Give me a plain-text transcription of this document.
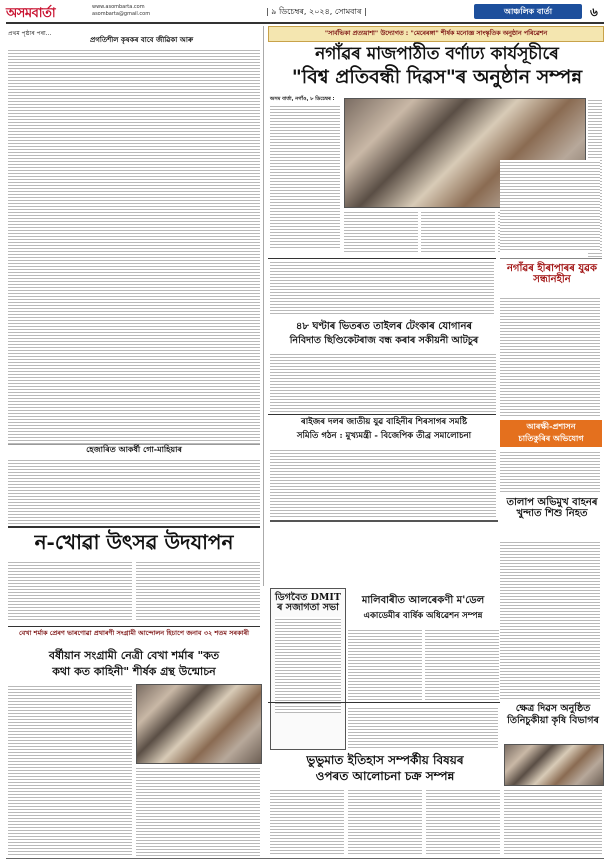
অসমবাৰ্তা	www.asombarta.com
asombarta@gmail.com	| ৯ ডিচেম্বৰ, ২০২৪, সোমবাৰ |	আঞ্চলিক বাৰ্তা	৬
প্ৰথম পৃষ্ঠাৰ পৰা...
প্ৰগতিশীল কৃষকৰ বাবে জীৱিকা আৰু
"সাৰ্বভিকা প্ৰত্যয়াশা" উদ্যোগত : "মেৰেৰঙ্গা" শীৰ্ষক মনোজ্ঞ সাংস্কৃতিক অনুষ্ঠান পৰিৱেশন
নগাঁৱৰ মাজপাঠীত বৰ্ণাঢ্য কাৰ্যসূচীৰে
"বিশ্ব প্ৰতিবন্ধী দিৱস"ৰ অনুষ্ঠান সম্পন্ন
অসম বাৰ্তা, নগাঁও, ৮ ডিচেম্বৰ :
নগাঁৱৰ হীৰাপাৰৰ যুৱক সন্ধানহীন
৪৮ ঘণ্টাৰ ভিতৰত তাইলৰ টেংকাৰ যোগানৰ
নিবিদাত ছিণ্ডিকেটৰাজ বন্ধ কৰাৰ সকীয়নী আটচুৰ
হেজাৰিত আকৰ্ষী গো-মাহিয়াৰ
ৰাইজৰ দলৰ জাতীয় যুৱ বাহিনীৰ শিৰসাগৰ সমষ্টি
সমিতি গঠন : মুখ্যমন্ত্ৰী - বিজেপিক তীব্ৰ সমালোচনা
আৰক্ষী-প্ৰশাসন
চাতিকুৰিৰ অভিযোগ
তালাপ অভিমুখ বাহনৰ খুন্দাত শিশু নিহত
ন-খোৱা উৎসৱ উদযাপন
বেখা শৰ্মাক প্ৰেৰণ ভাৰণোৱা প্ৰথাৰণী সংগ্ৰামী আন্দোলন হিচাপে জনাব ৩২ শতম সৰকাৰী
বৰ্ষীয়ান সংগ্ৰামী নেত্ৰী বেখা শৰ্মাৰ "কত
কথা কত কাহিনী" শীৰ্ষক গ্ৰন্থ উন্মোচন
ডিগবৈত DMIT ৰ সজাগতা সভা
মালিবাৰীত আলৰেকণী ম'ডেল
একাডেমীৰ বাৰ্ষিক অধিৱেশন সম্পন্ন
ভুভুমাত ইতিহাস সম্পৰ্কীয় বিষয়ৰ
ওপৰত আলোচনা চক্ৰ সম্পন্ন
ক্ষেত্ৰ দিৱস অনুষ্ঠিত
তিনিচুকীয়া কৃষি বিভাগৰ
